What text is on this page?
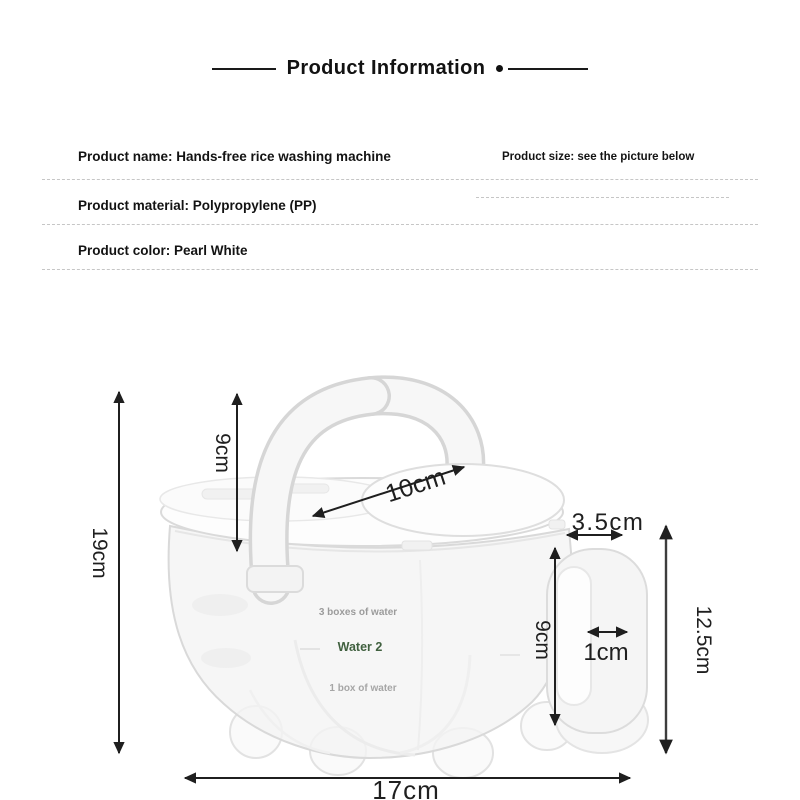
Product Information
Product name: Hands-free rice washing machine	Product size: see the picture below
Product material: Polypropylene (PP)
Product color: Pearl White
3 boxes of water
Water 2
1 box of water
9cm
19cm
10cm
3.5cm
9cm 1cm	12.5cm
17cm
